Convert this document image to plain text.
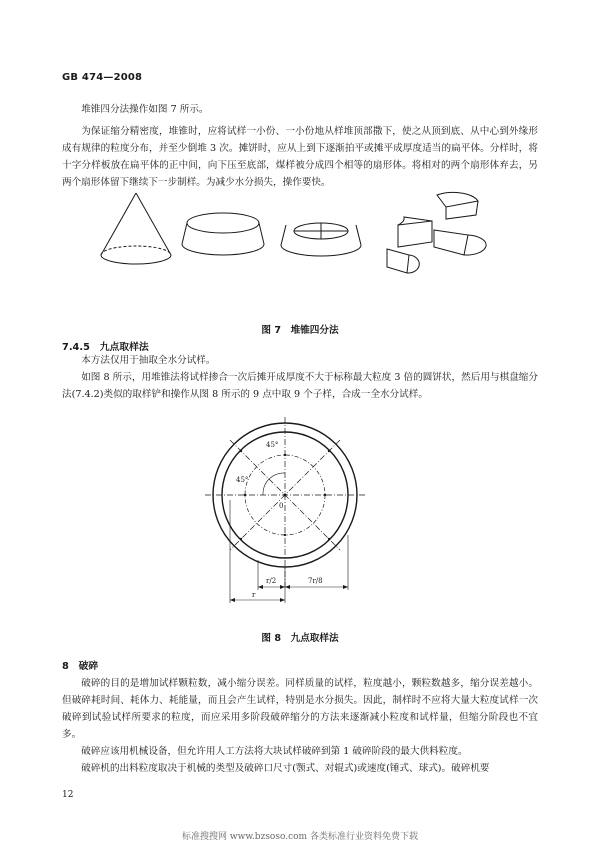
GB 474—2008

堆锥四分法操作如图 7 所示。

为保证缩分精密度，堆锥时，应将试样一小份、一小份地从样堆顶部撒下，使之从顶到底、从中心到外缘形成有规律的粒度分布，并至少倒堆 3 次。摊饼时，应从上到下逐渐拍平或摊平成厚度适当的扁平体。分样时，将十字分样板放在扁平体的正中间，向下压至底部，煤样被分成四个相等的扇形体。将相对的两个扇形体弃去，另两个扇形体留下继续下一步制样。为减少水分损失，操作要快。

图 7　堆锥四分法

7.4.5　九点取样法

本方法仅用于抽取全水分试样。

如图 8 所示，用堆锥法将试样掺合一次后摊开成厚度不大于标称最大粒度 3 倍的圆饼状，然后用与棋盘缩分法(7.4.2)类似的取样铲和操作从图 8 所示的 9 点中取 9 个子样，合成一全水分试样。

45°
45°
0
r/2	7r/8
r

图 8　九点取样法

8　破碎

破碎的目的是增加试样颗粒数，减小缩分误差。同样质量的试样，粒度越小，颗粒数越多，缩分误差越小。但破碎耗时间、耗体力、耗能量，而且会产生试样，特别是水分损失。因此，制样时不应将大量大粒度试样一次破碎到试验试样所要求的粒度，而应采用多阶段破碎缩分的方法来逐渐减小粒度和试样量，但缩分阶段也不宜多。

破碎应该用机械设备，但允许用人工方法将大块试样破碎到第 1 破碎阶段的最大供料粒度。

破碎机的出料粒度取决于机械的类型及破碎口尺寸(颚式、对辊式)或速度(锤式、球式)。破碎机要

12
标准搜搜网 www.bzsoso.com 各类标准行业资料免费下载
